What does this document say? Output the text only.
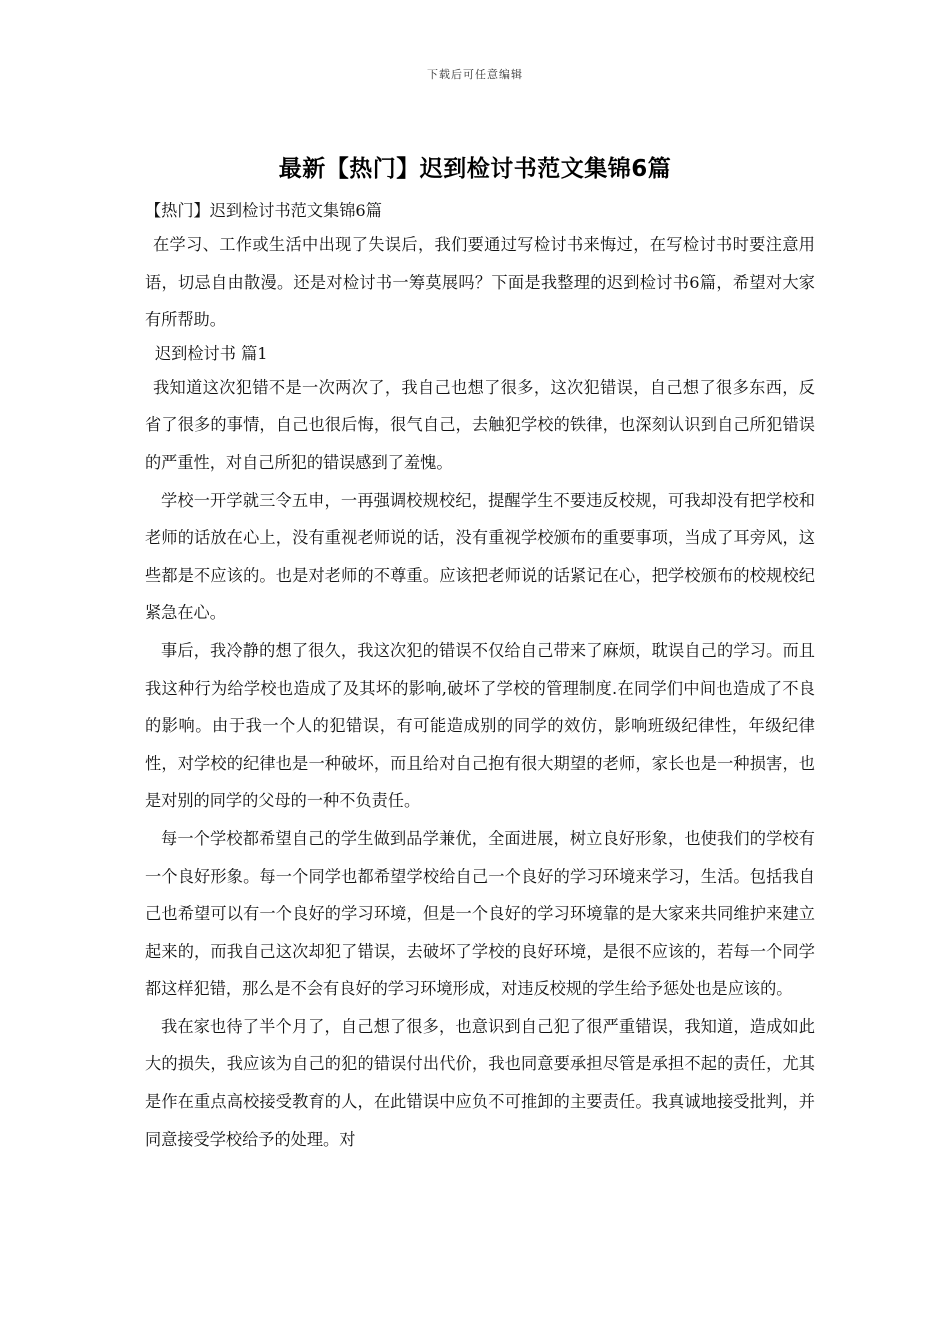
下载后可任意编辑
最新【热门】迟到检讨书范文集锦6篇

【热门】迟到检讨书范文集锦6篇

在学习、工作或生活中出现了失误后，我们要通过写检讨书来悔过，在写检讨书时要注意用语，切忌自由散漫。还是对检讨书一筹莫展吗？下面是我整理的迟到检讨书6篇，希望对大家有所帮助。

迟到检讨书 篇1

我知道这次犯错不是一次两次了，我自己也想了很多，这次犯错误，自己想了很多东西，反省了很多的事情，自己也很后悔，很气自己，去触犯学校的铁律，也深刻认识到自己所犯错误的严重性，对自己所犯的错误感到了羞愧。

学校一开学就三令五申，一再强调校规校纪，提醒学生不要违反校规，可我却没有把学校和老师的话放在心上，没有重视老师说的话，没有重视学校颁布的重要事项，当成了耳旁风，这些都是不应该的。也是对老师的不尊重。应该把老师说的话紧记在心，把学校颁布的校规校纪紧急在心。

事后，我冷静的想了很久，我这次犯的错误不仅给自己带来了麻烦，耽误自己的学习。而且我这种行为给学校也造成了及其坏的影响,破坏了学校的管理制度.在同学们中间也造成了不良的影响。由于我一个人的犯错误，有可能造成别的同学的效仿，影响班级纪律性，年级纪律性，对学校的纪律也是一种破坏，而且给对自己抱有很大期望的老师，家长也是一种损害，也是对别的同学的父母的一种不负责任。

每一个学校都希望自己的学生做到品学兼优，全面进展，树立良好形象，也使我们的学校有一个良好形象。每一个同学也都希望学校给自己一个良好的学习环境来学习，生活。包括我自己也希望可以有一个良好的学习环境，但是一个良好的学习环境靠的是大家来共同维护来建立起来的，而我自己这次却犯了错误，去破坏了学校的良好环境，是很不应该的，若每一个同学都这样犯错，那么是不会有良好的学习环境形成，对违反校规的学生给予惩处也是应该的。

我在家也待了半个月了，自己想了很多，也意识到自己犯了很严重错误，我知道，造成如此大的损失，我应该为自己的犯的错误付出代价，我也同意要承担尽管是承担不起的责任，尤其是作在重点高校接受教育的人，在此错误中应负不可推卸的主要责任。我真诚地接受批判，并同意接受学校给予的处理。对
